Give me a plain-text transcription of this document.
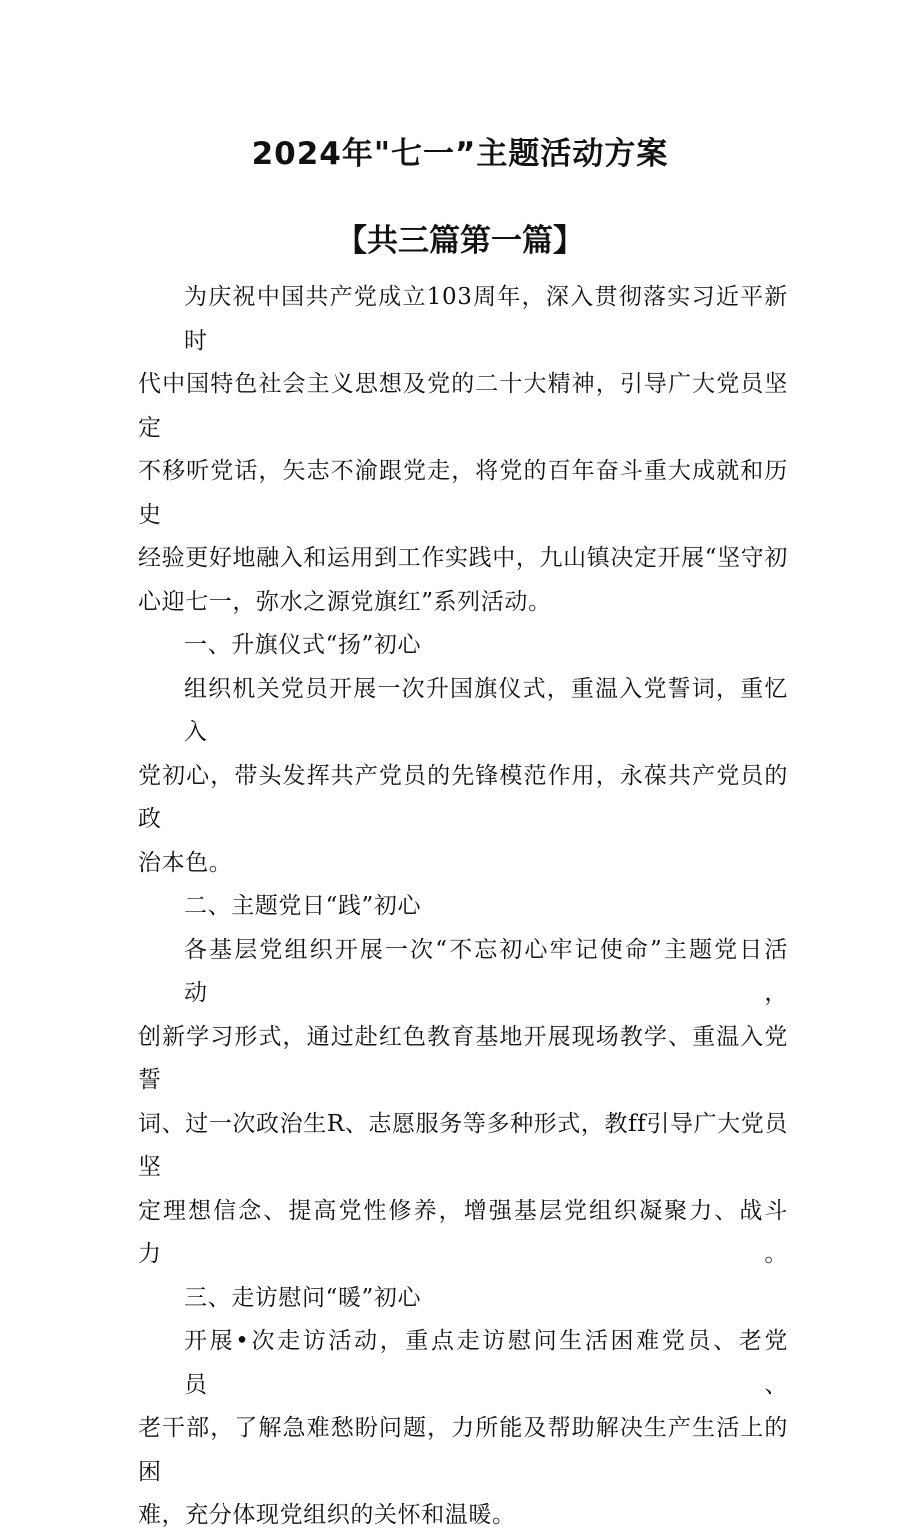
2024年"七一”主题活动方案
【共三篇第一篇】

为庆祝中国共产党成立103周年，深入贯彻落实习近平新时
代中国特色社会主义思想及党的二十大精神，引导广大党员坚定
不移听党话，矢志不渝跟党走，将党的百年奋斗重大成就和历史
经验更好地融入和运用到工作实践中，九山镇决定开展“坚守初
心迎七一，弥水之源党旗红”系列活动。

一、升旗仪式“扬”初心

组织机关党员开展一次升国旗仪式，重温入党誓词，重忆入
党初心，带头发挥共产党员的先锋模范作用，永葆共产党员的政
治本色。

二、主题党日“践”初心

各基层党组织开展一次“不忘初心牢记使命”主题党日活动，
创新学习形式，通过赴红色教育基地开展现场教学、重温入党誓
词、过一次政治生R、志愿服务等多种形式，教ff引导广大党员坚
定理想信念、提高党性修养，增强基层党组织凝聚力、战斗力。

三、走访慰问“暖”初心

开展•次走访活动，重点走访慰问生活困难党员、老党员、
老干部，了解急难愁盼问题，力所能及帮助解决生产生活上的困
难，充分体现党组织的关怀和温暖。
